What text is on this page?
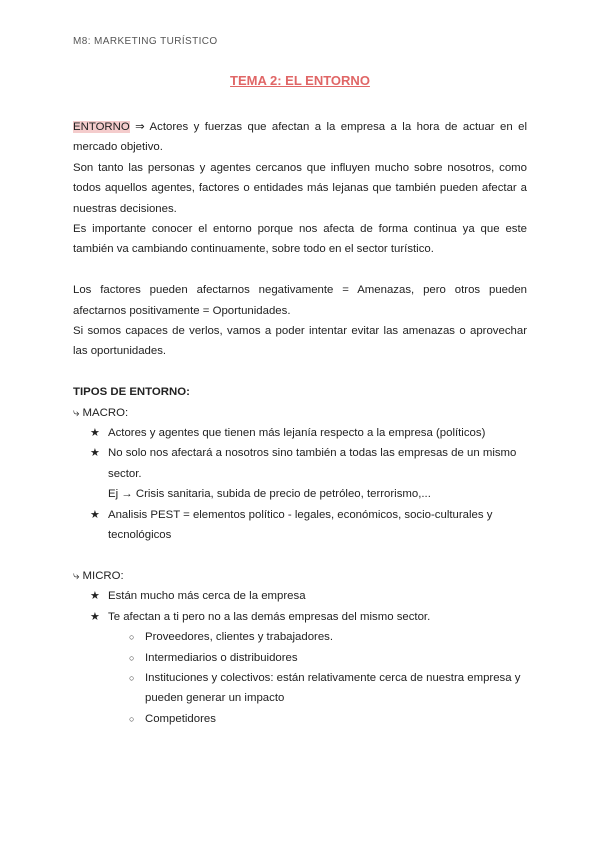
M8: MARKETING TURÍSTICO
TEMA 2: EL ENTORNO

ENTORNO ⇒ Actores y fuerzas que afectan a la empresa a la hora de actuar en el mercado objetivo.

Son tanto las personas y agentes cercanos que influyen mucho sobre nosotros, como todos aquellos agentes, factores o entidades más lejanas que también pueden afectar a nuestras decisiones.

Es importante conocer el entorno porque nos afecta de forma continua ya que este también va cambiando continuamente, sobre todo en el sector turístico.

Los factores pueden afectarnos negativamente = Amenazas, pero otros pueden afectarnos positivamente = Oportunidades.

Si somos capaces de verlos, vamos a poder intentar evitar las amenazas o aprovechar las oportunidades.

TIPOS DE ENTORNO:

⤷ MACRO:

★ Actores y agentes que tienen más lejanía respecto a la empresa (políticos)
★ No solo nos afectará a nosotros sino también a todas las empresas de un mismo sector.

Ej → Crisis sanitaria, subida de precio de petróleo, terrorismo,...

★ Analisis PEST = elementos político - legales, económicos, socio-culturales y tecnológicos

⤷ MICRO:

★ Están mucho más cerca de la empresa
★ Te afectan a ti pero no a las demás empresas del mismo sector.
○ Proveedores, clientes y trabajadores.
○ Intermediarios o distribuidores
○ Instituciones y colectivos: están relativamente cerca de nuestra empresa y pueden generar un impacto
○ Competidores
